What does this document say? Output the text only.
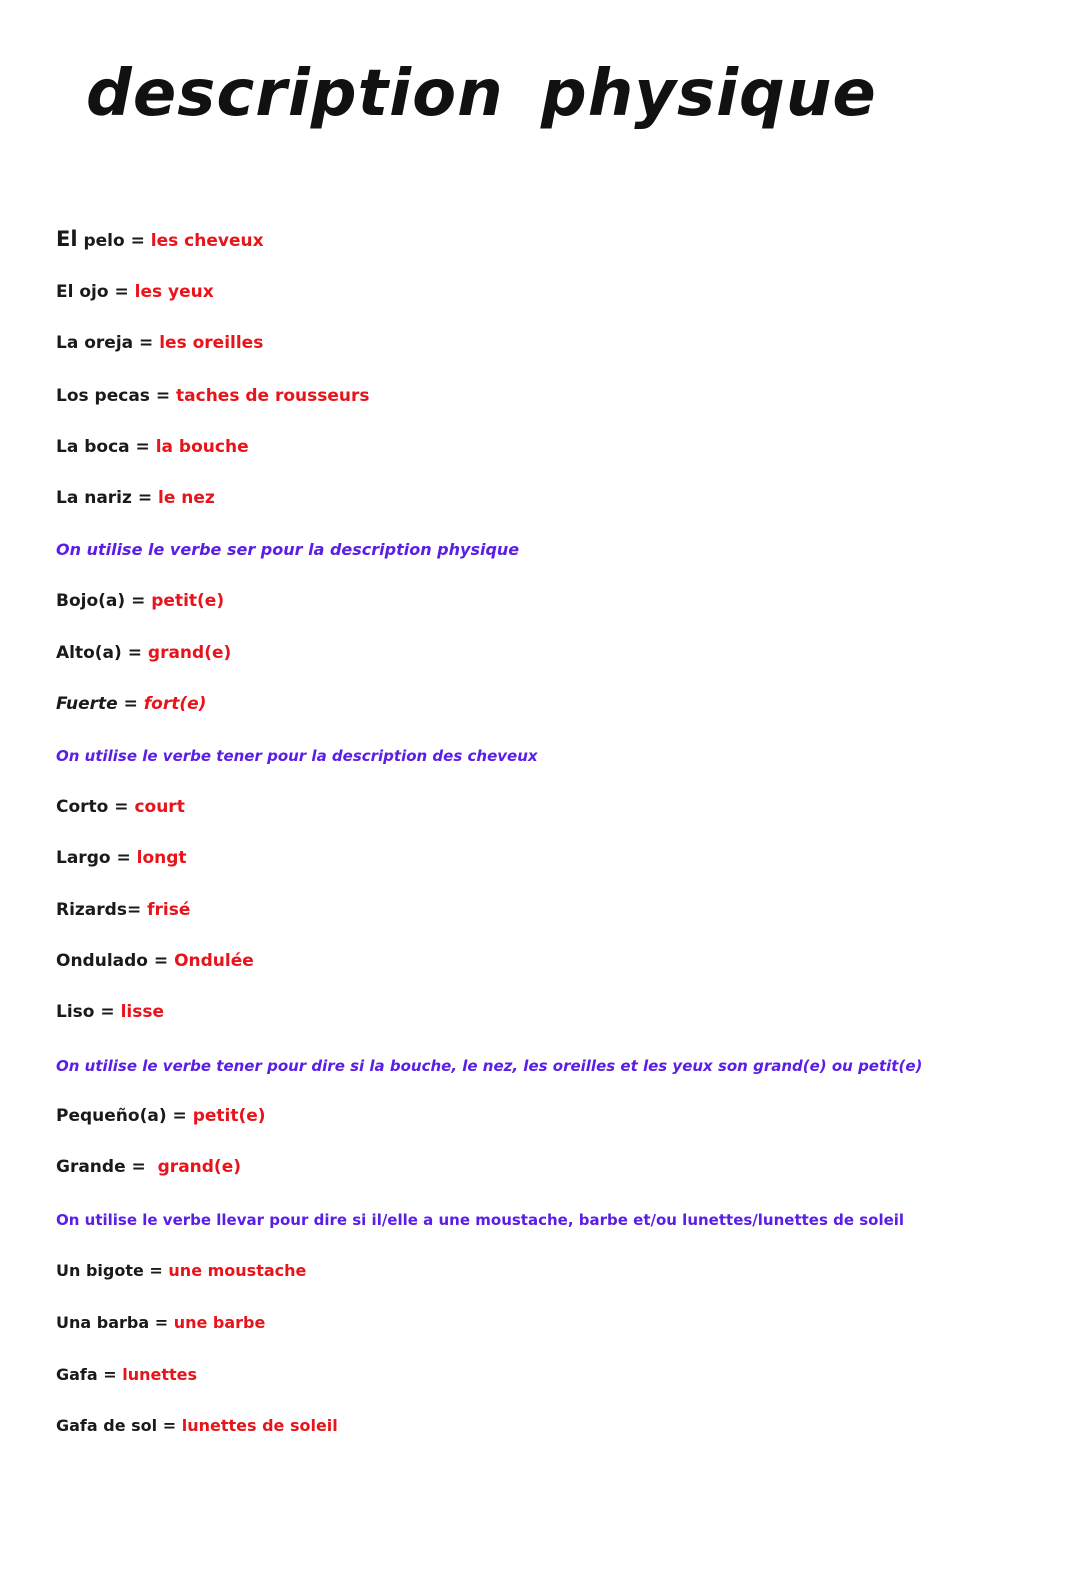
description physique

El pelo = les cheveux

El ojo = les yeux

La oreja = les oreilles

Los pecas = taches de rousseurs

La boca = la bouche

La nariz = le nez

On utilise le verbe ser pour la description physique

Bojo(a) = petit(e)

Alto(a) = grand(e)

Fuerte = fort(e)

On utilise le verbe tener pour la description des cheveux

Corto = court

Largo = longt

Rizards= frisé

Ondulado = Ondulée

Liso = lisse

On utilise le verbe tener pour dire si la bouche, le nez, les oreilles et les yeux son grand(e) ou petit(e)

Pequeño(a) = petit(e)

Grande = grand(e)

On utilise le verbe llevar pour dire si il/elle a une moustache, barbe et/ou lunettes/lunettes de soleil

Un bigote = une moustache

Una barba = une barbe

Gafa = lunettes

Gafa de sol = lunettes de soleil
